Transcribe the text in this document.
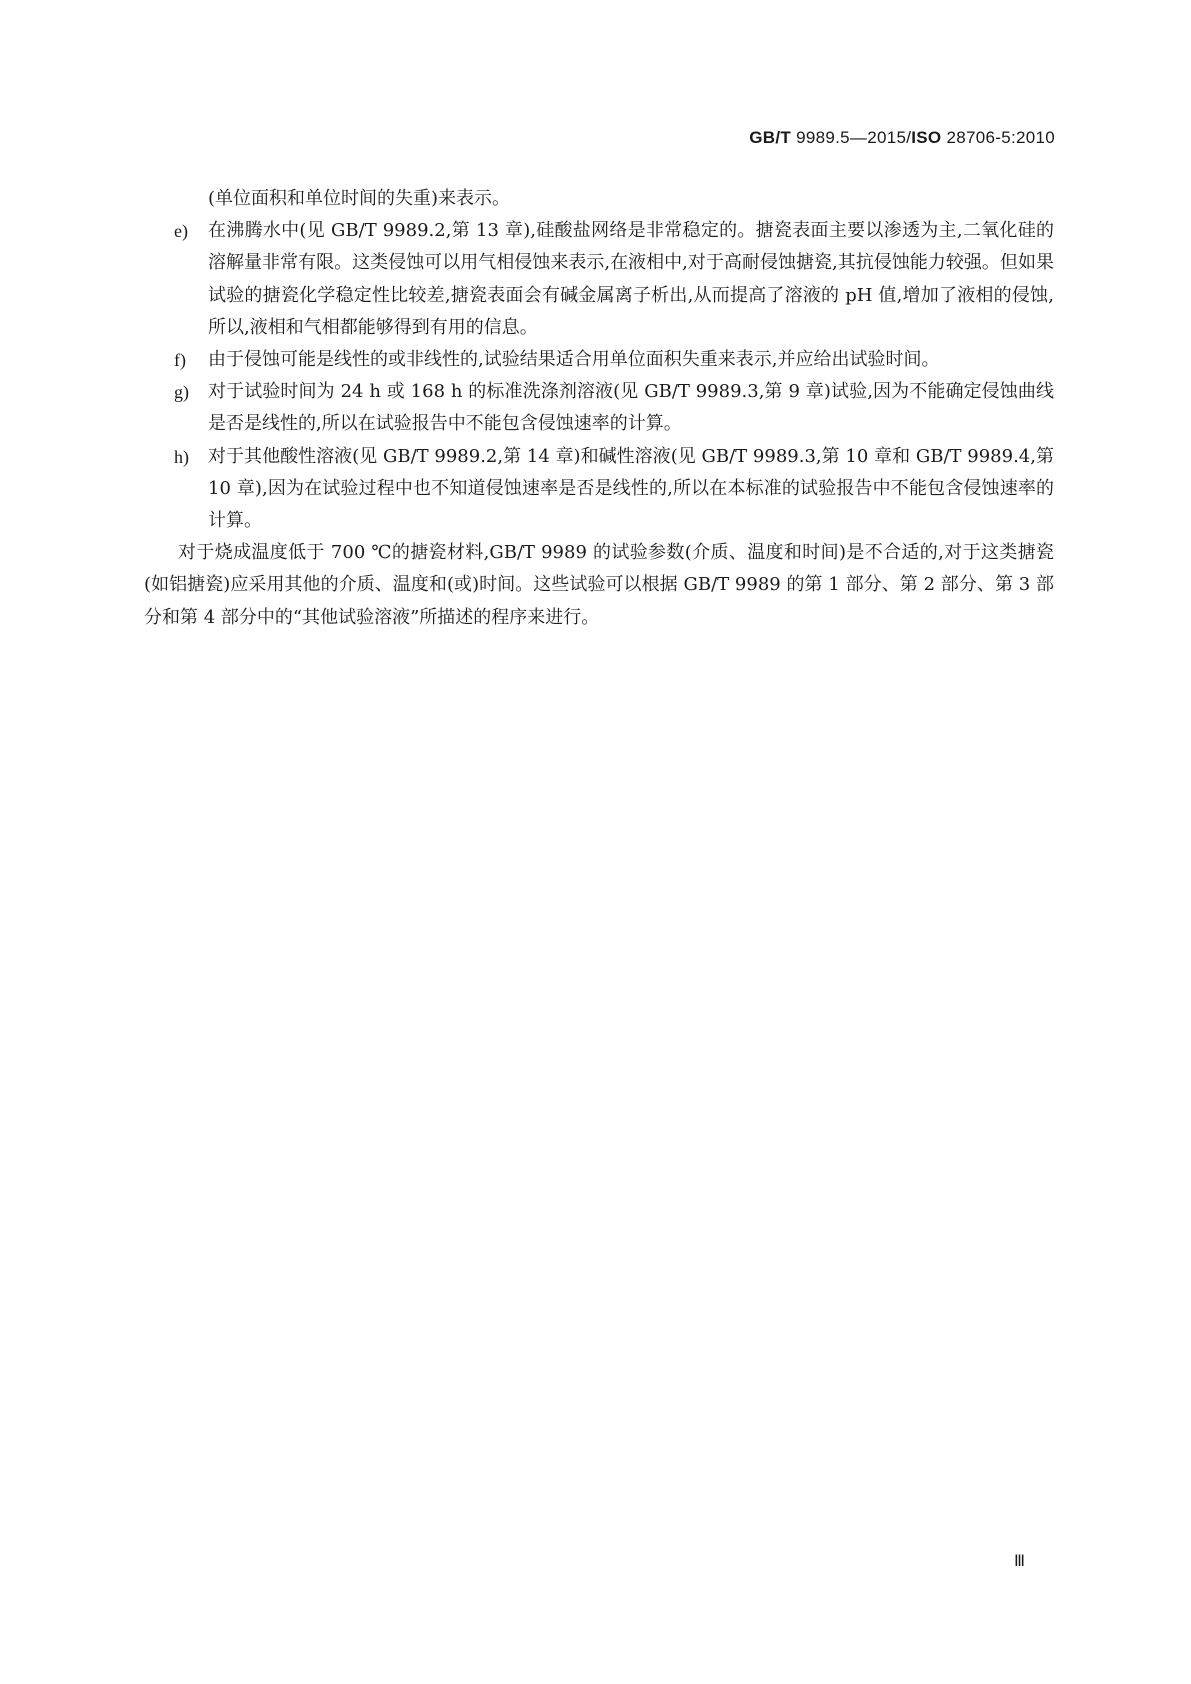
GB/T 9989.5—2015/ISO 28706-5:2010
(单位面积和单位时间的失重)来表示。
e)	在沸腾水中(见 GB/T 9989.2,第 13 章),硅酸盐网络是非常稳定的。搪瓷表面主要以渗透为主,二氧化硅的溶解量非常有限。这类侵蚀可以用气相侵蚀来表示,在液相中,对于高耐侵蚀搪瓷,其抗侵蚀能力较强。但如果试验的搪瓷化学稳定性比较差,搪瓷表面会有碱金属离子析出,从而提高了溶液的 pH 值,增加了液相的侵蚀,所以,液相和气相都能够得到有用的信息。
f)	由于侵蚀可能是线性的或非线性的,试验结果适合用单位面积失重来表示,并应给出试验时间。
g)	对于试验时间为 24 h 或 168 h 的标准洗涤剂溶液(见 GB/T 9989.3,第 9 章)试验,因为不能确定侵蚀曲线是否是线性的,所以在试验报告中不能包含侵蚀速率的计算。
h)	对于其他酸性溶液(见 GB/T 9989.2,第 14 章)和碱性溶液(见 GB/T 9989.3,第 10 章和 GB/T 9989.4,第 10 章),因为在试验过程中也不知道侵蚀速率是否是线性的,所以在本标准的试验报告中不能包含侵蚀速率的计算。
对于烧成温度低于 700 ℃的搪瓷材料,GB/T 9989 的试验参数(介质、温度和时间)是不合适的,对于这类搪瓷(如铝搪瓷)应采用其他的介质、温度和(或)时间。这些试验可以根据 GB/T 9989 的第 1 部分、第 2 部分、第 3 部分和第 4 部分中的“其他试验溶液”所描述的程序来进行。
Ⅲ
